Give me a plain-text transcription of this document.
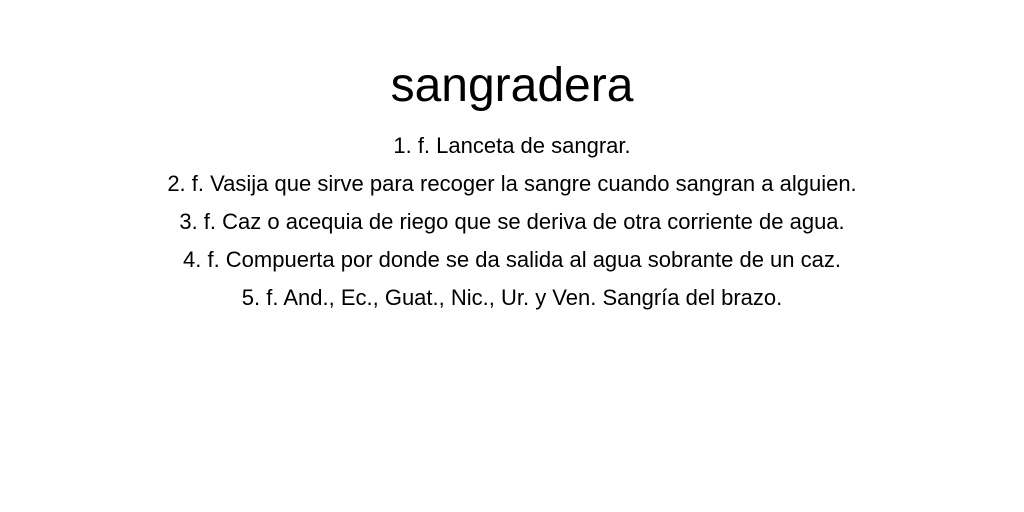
sangradera
1. f. Lanceta de sangrar.
2. f. Vasija que sirve para recoger la sangre cuando sangran a alguien.
3. f. Caz o acequia de riego que se deriva de otra corriente de agua.
4. f. Compuerta por donde se da salida al agua sobrante de un caz.
5. f. And., Ec., Guat., Nic., Ur. y Ven. Sangría del brazo.
